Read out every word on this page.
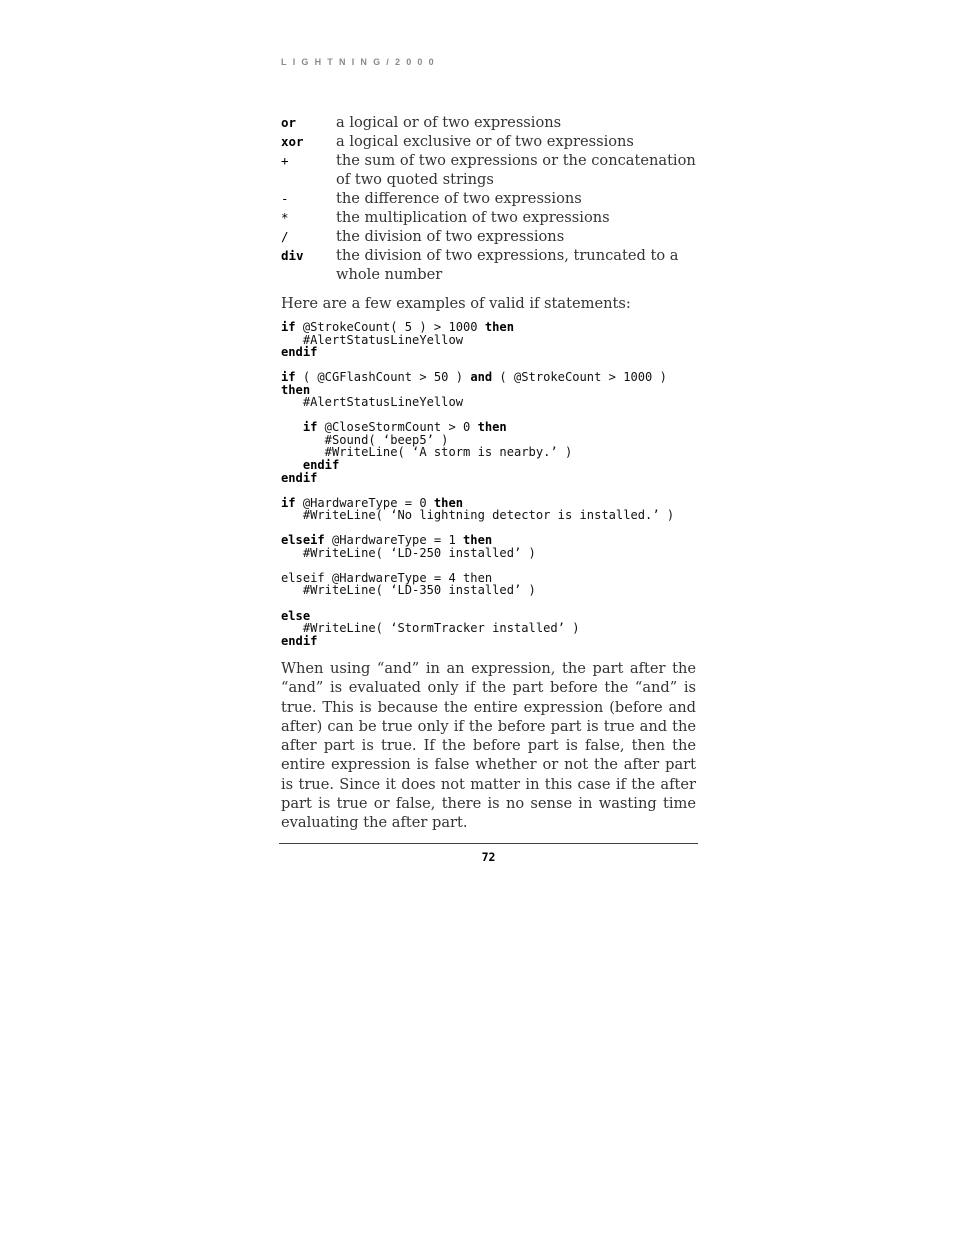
LIGHTNING/2000
or	a logical or of two expressions
xor	a logical exclusive or of two expressions
+	the sum of two expressions or the concatenation of two quoted strings
-	the difference of two expressions
*	the multiplication of two expressions
/	the division of two expressions
div	the division of two expressions, truncated to a whole number
Here are a few examples of valid if statements:
if @StrokeCount( 5 ) > 1000 then
#AlertStatusLineYellow
endif
if ( @CGFlashCount > 50 ) and ( @StrokeCount > 1000 )
then
#AlertStatusLineYellow
if @CloseStormCount > 0 then
#Sound( ‘beep5’ )
#WriteLine( ‘A storm is nearby.’ )
endif
endif
if @HardwareType = 0 then
#WriteLine( ‘No lightning detector is installed.’ )
elseif @HardwareType = 1 then
#WriteLine( ‘LD-250 installed’ )
elseif @HardwareType = 4 then
#WriteLine( ‘LD-350 installed’ )
else
#WriteLine( ‘StormTracker installed’ )
endif

When using “and” in an expression, the part after the “and” is evaluated only if the part before the “and” is true. This is because the entire expression (before and after) can be true only if the before part is true and the after part is true. If the before part is false, then the entire expression is false whether or not the after part is true. Since it does not matter in this case if the after part is true or false, there is no sense in wasting time evaluating the after part.

72
